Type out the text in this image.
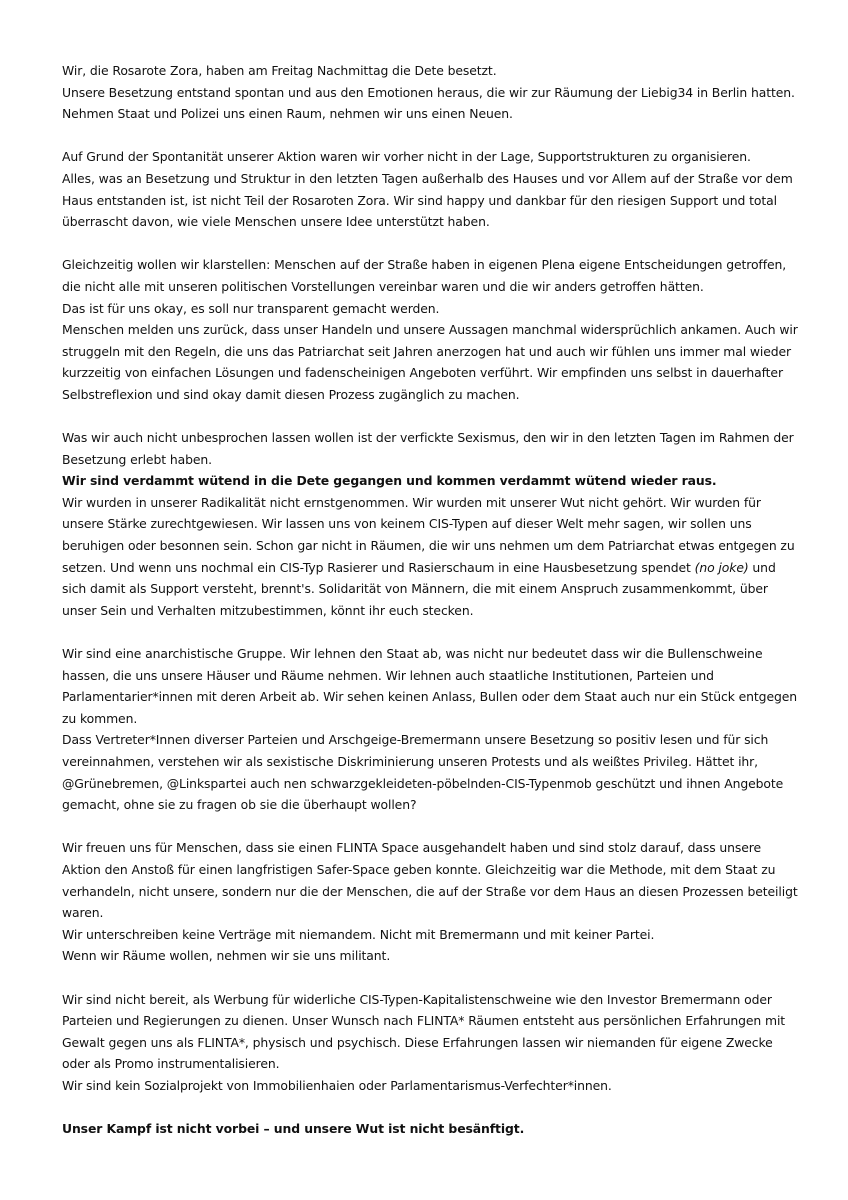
Wir, die Rosarote Zora, haben am Freitag Nachmittag die Dete besetzt.
Unsere Besetzung entstand spontan und aus den Emotionen heraus, die wir zur Räumung der Liebig34 in Berlin hatten.
Nehmen Staat und Polizei uns einen Raum, nehmen wir uns einen Neuen.
Auf Grund der Spontanität unserer Aktion waren wir vorher nicht in der Lage, Supportstrukturen zu organisieren.
Alles, was an Besetzung und Struktur in den letzten Tagen außerhalb des Hauses und vor Allem auf der Straße vor dem Haus entstanden ist, ist nicht Teil der Rosaroten Zora. Wir sind happy und dankbar für den riesigen Support und total überrascht davon, wie viele Menschen unsere Idee unterstützt haben.
Gleichzeitig wollen wir klarstellen: Menschen auf der Straße haben in eigenen Plena eigene Entscheidungen getroffen, die nicht alle mit unseren politischen Vorstellungen vereinbar waren und die wir anders getroffen hätten.
Das ist für uns okay, es soll nur transparent gemacht werden.
Menschen melden uns zurück, dass unser Handeln und unsere Aussagen manchmal widersprüchlich ankamen. Auch wir struggeln mit den Regeln, die uns das Patriarchat seit Jahren anerzogen hat und auch wir fühlen uns immer mal wieder kurzzeitig von einfachen Lösungen und fadenscheinigen Angeboten verführt. Wir empfinden uns selbst in dauerhafter Selbstreflexion und sind okay damit diesen Prozess zugänglich zu machen.
Was wir auch nicht unbesprochen lassen wollen ist der verfickte Sexismus, den wir in den letzten Tagen im Rahmen der Besetzung erlebt haben.
Wir sind verdammt wütend in die Dete gegangen und kommen verdammt wütend wieder raus.
Wir wurden in unserer Radikalität nicht ernstgenommen. Wir wurden mit unserer Wut nicht gehört. Wir wurden für unsere Stärke zurechtgewiesen. Wir lassen uns von keinem CIS-Typen auf dieser Welt mehr sagen, wir sollen uns beruhigen oder besonnen sein. Schon gar nicht in Räumen, die wir uns nehmen um dem Patriarchat etwas entgegen zu setzen. Und wenn uns nochmal ein CIS-Typ Rasierer und Rasierschaum in eine Hausbesetzung spendet (no joke) und sich damit als Support versteht, brennt's. Solidarität von Männern, die mit einem Anspruch zusammenkommt, über unser Sein und Verhalten mitzubestimmen, könnt ihr euch stecken.
Wir sind eine anarchistische Gruppe. Wir lehnen den Staat ab, was nicht nur bedeutet dass wir die Bullenschweine hassen, die uns unsere Häuser und Räume nehmen. Wir lehnen auch staatliche Institutionen, Parteien und Parlamentarier*innen mit deren Arbeit ab. Wir sehen keinen Anlass, Bullen oder dem Staat auch nur ein Stück entgegen zu kommen.
Dass Vertreter*Innen diverser Parteien und Arschgeige-Bremermann unsere Besetzung so positiv lesen und für sich vereinnahmen, verstehen wir als sexistische Diskriminierung unseren Protests und als weißtes Privileg. Hättet ihr, @Grünebremen, @Linkspartei auch nen schwarzgekleideten-pöbelnden-CIS-Typenmob geschützt und ihnen Angebote gemacht, ohne sie zu fragen ob sie die überhaupt wollen?
Wir freuen uns für Menschen, dass sie einen FLINTA Space ausgehandelt haben und sind stolz darauf, dass unsere Aktion den Anstoß für einen langfristigen Safer-Space geben konnte. Gleichzeitig war die Methode, mit dem Staat zu verhandeln, nicht unsere, sondern nur die der Menschen, die auf der Straße vor dem Haus an diesen Prozessen beteiligt waren.
Wir unterschreiben keine Verträge mit niemandem. Nicht mit Bremermann und mit keiner Partei.
Wenn wir Räume wollen, nehmen wir sie uns militant.
Wir sind nicht bereit, als Werbung für widerliche CIS-Typen-Kapitalistenschweine wie den Investor Bremermann oder Parteien und Regierungen zu dienen. Unser Wunsch nach FLINTA* Räumen entsteht aus persönlichen Erfahrungen mit Gewalt gegen uns als FLINTA*, physisch und psychisch. Diese Erfahrungen lassen wir niemanden für eigene Zwecke oder als Promo instrumentalisieren.
Wir sind kein Sozialprojekt von Immobilienhaien oder Parlamentarismus-Verfechter*innen.
Unser Kampf ist nicht vorbei – und unsere Wut ist nicht besänftigt.
